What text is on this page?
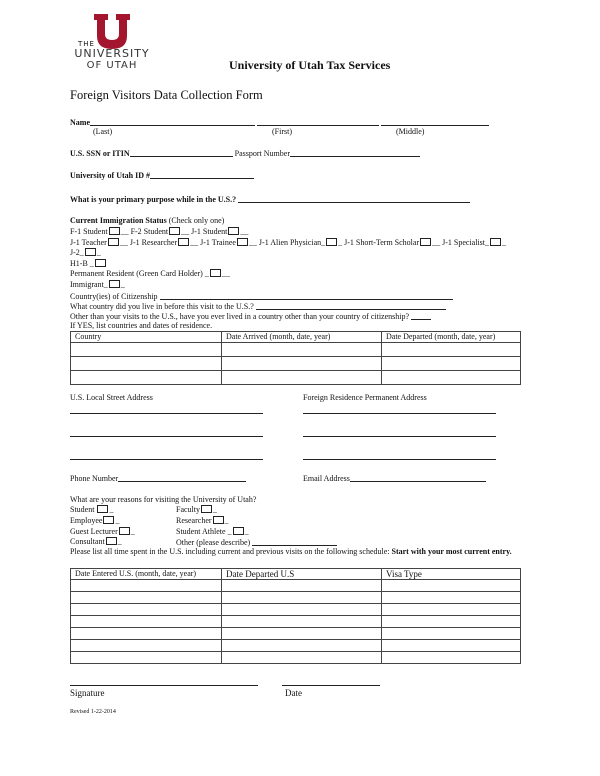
THE
UNIVERSITY
OF UTAH	University of Utah Tax Services
Foreign Visitors Data Collection Form
Name
(Last)	(First)	(Middle)
U.S. SSN or ITIN	Passport Number
University of Utah ID #
What is your primary purpose while in the U.S.?
Current Immigration Status (Check only one)
F-1 Student __ F-2 Student __ J-1 Student __
J-1 Teacher __ J-1 Researcher __ J-1 Trainee __ J-1 Alien Physician_ _ J-1 Short-Term Scholar __ J-1 Specialist_ _
J-2_ _
H1-B _
Permanent Resident (Green Card Holder) _ __
Immigrant_ _
Country(ies) of Citizenship
What country did you live in before this visit to the U.S.?
Other than your visits to the U.S., have you ever lived in a country other than your country of citizenship?
If YES, list countries and dates of residence.
Country	Date Arrived (month, date, year)	Date Departed (month, date, year)

U.S. Local Street Address	Foreign Residence Permanent Address
Phone Number	Email Address
What are your reasons for visiting the University of Utah?
Student _	Faculty _
Employee _	Researcher _
Guest Lecturer _	Student Athlete _ _
Consultant _	Other (please describe)
Please list all time spent in the U.S. including current and previous visits on the following schedule: Start with your most current entry.
Date Entered U.S. (month, date, year)	Date Departed U.S	Visa Type

Signature	Date
Revised 1-22-2014
